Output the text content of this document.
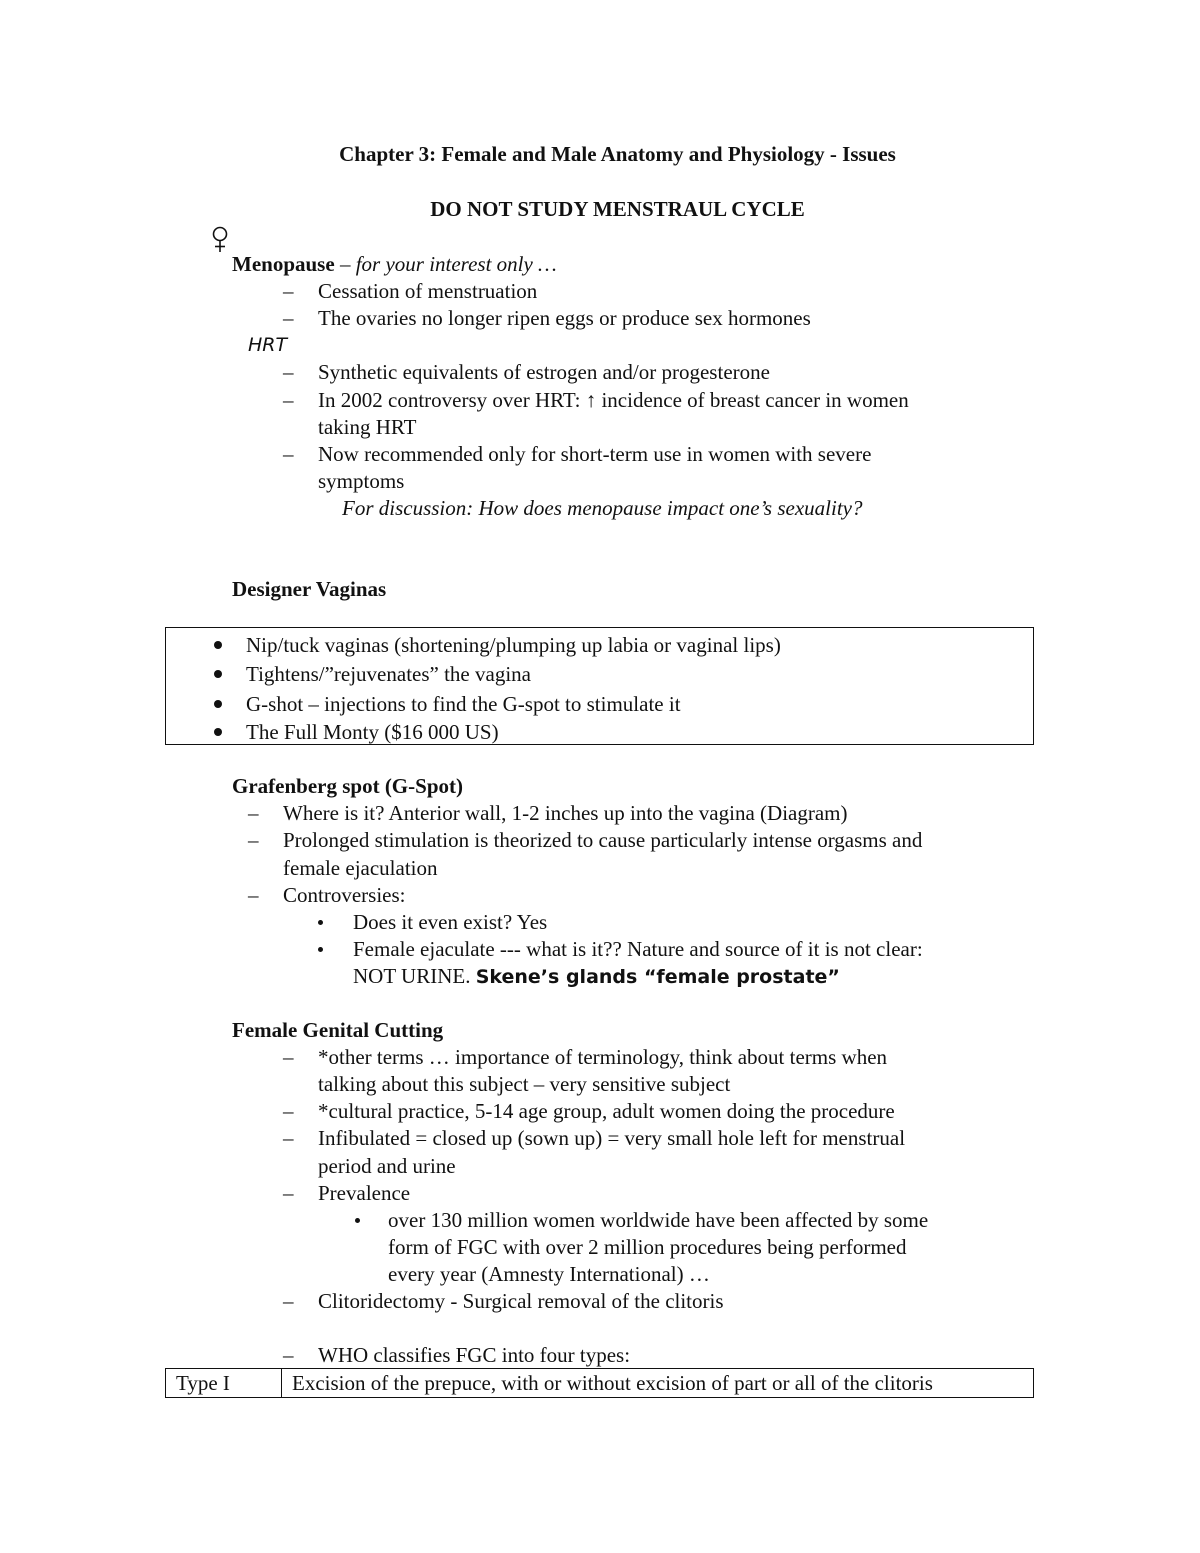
Chapter 3: Female and Male Anatomy and Physiology - Issues
DO NOT STUDY MENSTRAUL CYCLE
Menopause – for your interest only …
– Cessation of menstruation
– The ovaries no longer ripen eggs or produce sex hormones
HRT
– Synthetic equivalents of estrogen and/or progesterone
– In 2002 controversy over HRT: ↑ incidence of breast cancer in women
taking HRT
– Now recommended only for short-term use in women with severe
symptoms
For discussion: How does menopause impact one’s sexuality?
Designer Vaginas
Nip/tuck vaginas (shortening/plumping up labia or vaginal lips)
Tightens/”rejuvenates” the vagina
G-shot – injections to find the G-spot to stimulate it
The Full Monty ($16 000 US)
Grafenberg spot (G-Spot)
– Where is it? Anterior wall, 1-2 inches up into the vagina (Diagram)
– Prolonged stimulation is theorized to cause particularly intense orgasms and
female ejaculation
– Controversies:
Does it even exist? Yes
Female ejaculate --- what is it?? Nature and source of it is not clear:
NOT URINE. Skene’s glands “female prostate”
Female Genital Cutting
– *other terms … importance of terminology, think about terms when
talking about this subject – very sensitive subject
– *cultural practice, 5-14 age group, adult women doing the procedure
– Infibulated = closed up (sown up) = very small hole left for menstrual
period and urine
– Prevalence
over 130 million women worldwide have been affected by some
form of FGC with over 2 million procedures being performed
every year (Amnesty International) …
– Clitoridectomy - Surgical removal of the clitoris
– WHO classifies FGC into four types:
Type I	Excision of the prepuce, with or without excision of part or all of the clitoris
